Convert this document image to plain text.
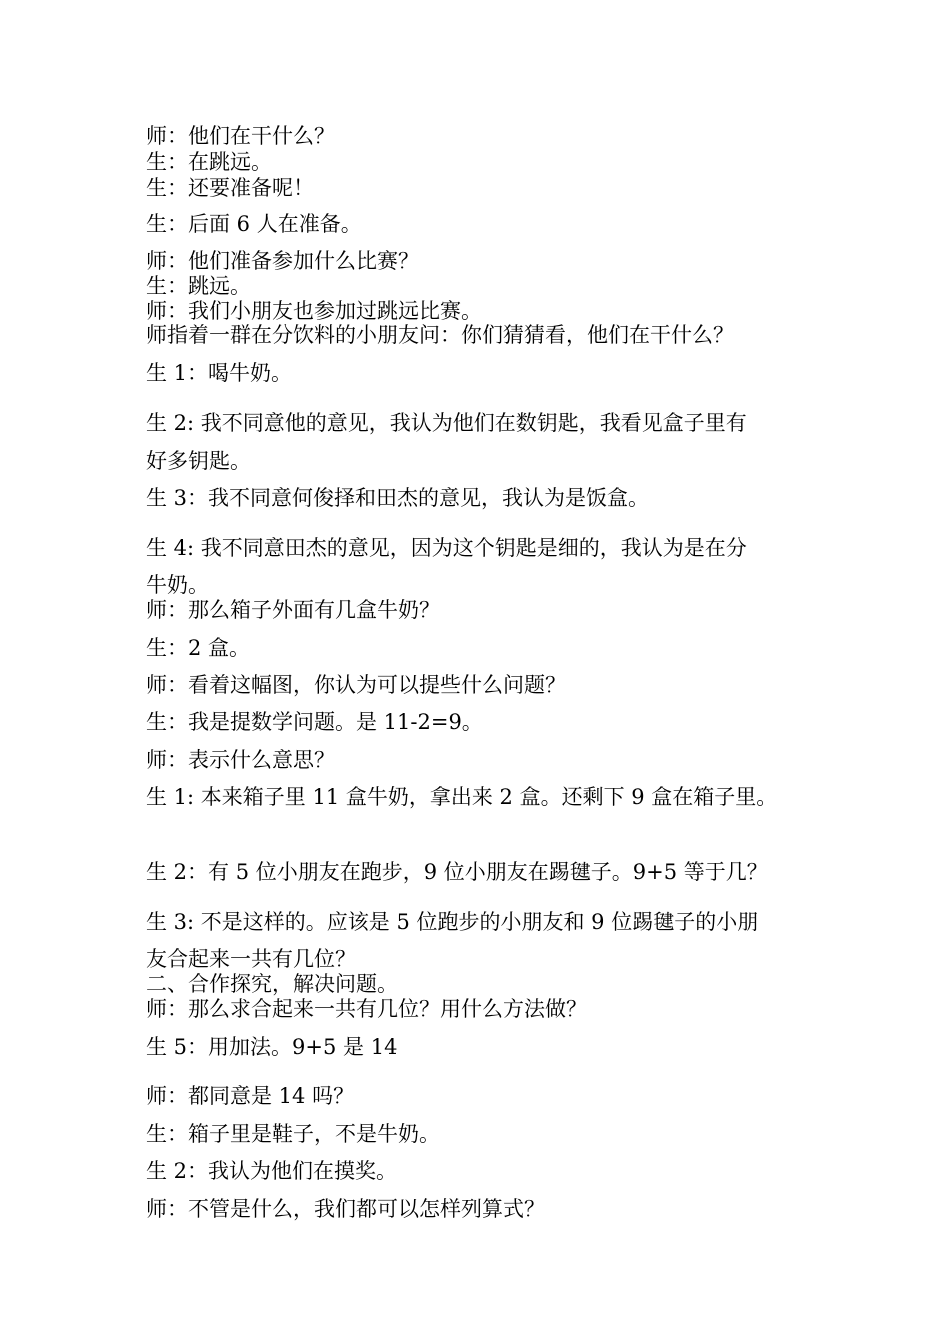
师：他们在干什么？
生：在跳远。
生：还要准备呢！
生：后面 6 人在准备。
师：他们准备参加什么比赛？
生：跳远。
师：我们小朋友也参加过跳远比赛。
师指着一群在分饮料的小朋友问：你们猜猜看，他们在干什么？
生 1：喝牛奶。
生 2: 我不同意他的意见，我认为他们在数钥匙，我看见盒子里有
好多钥匙。
生 3：我不同意何俊择和田杰的意见，我认为是饭盒。
生 4: 我不同意田杰的意见，因为这个钥匙是细的，我认为是在分
牛奶。
师：那么箱子外面有几盒牛奶？
生：2 盒。
师：看着这幅图，你认为可以提些什么问题？
生：我是提数学问题。是 11-2=9。
师：表示什么意思？
生 1: 本来箱子里 11 盒牛奶，拿出来 2 盒。还剩下 9 盒在箱子里。
生 2：有 5 位小朋友在跑步，9 位小朋友在踢毽子。9+5 等于几？
生 3: 不是这样的。应该是 5 位跑步的小朋友和 9 位踢毽子的小朋
友合起来一共有几位？
二、合作探究，解决问题。
师：那么求合起来一共有几位？用什么方法做？
生 5：用加法。9+5 是 14
师：都同意是 14 吗？
生：箱子里是鞋子，不是牛奶。
生 2：我认为他们在摸奖。
师：不管是什么，我们都可以怎样列算式？
